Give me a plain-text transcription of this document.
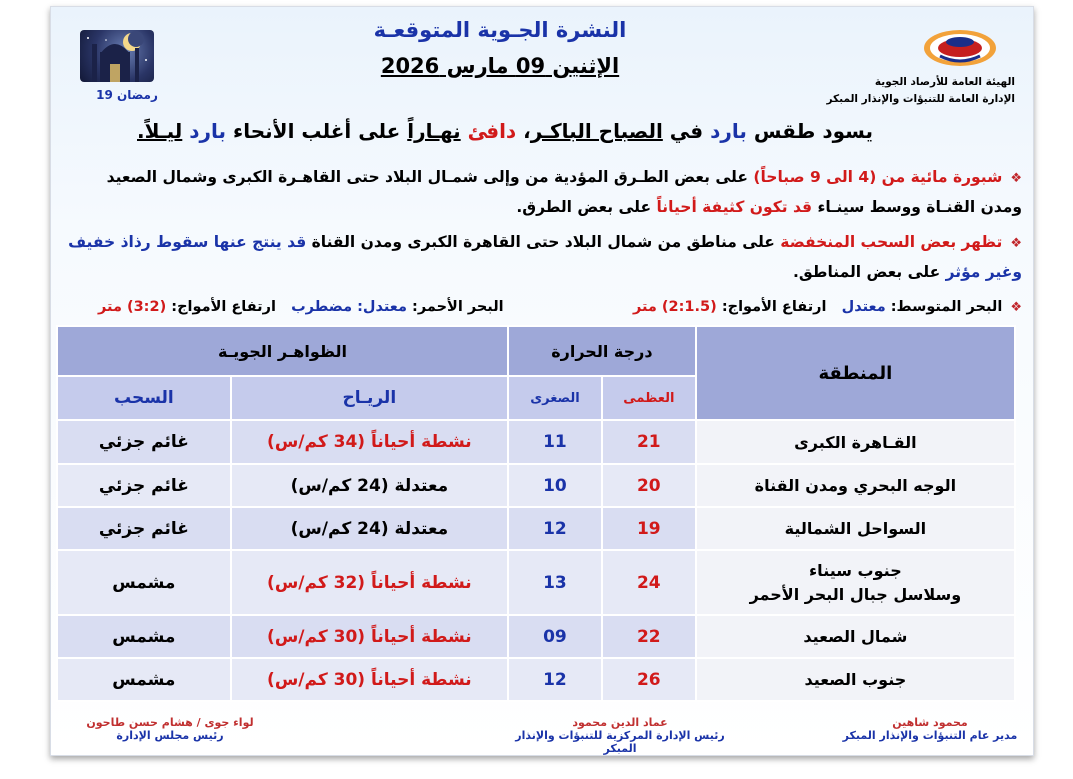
النشرة الجـوية المتوقعـة
الإثنين 09 مارس 2026
19 رمضان
الهيئة العامة للأرصاد الجوية
الإدارة العامة للتنبؤات والإنذار المبكر
يسود طقس بارد في الصباح الباكـر، دافئ نهـاراً على أغلب الأنحاء بارد ليـلاً.
❖شبورة مائية من (4 الى 9 صباحاً) على بعض الطـرق المؤدية من وإلى شمـال البلاد حتى القاهـرة الكبرى وشمال الصعيد ومدن القنـاة ووسط سينـاء قد تكون كثيفة أحياناً على بعض الطرق.
❖تظهر بعض السحب المنخفضة على مناطق من شمال البلاد حتى القاهرة الكبرى ومدن القناة قد ينتج عنها سقوط رذاذ خفيف وغير مؤثر على بعض المناطق.
❖البحر المتوسط: معتدل   ارتفاع الأمواج: (2:1.5) متر
البحر الأحمر: معتدل: مضطرب   ارتفاع الأمواج: (3:2) متر
المنطقة	درجة الحرارة		الظواهـر الجويـة	
	العظمى	الصغرى	الريـاح	السحب
القـاهرة الكبرى	21	11	نشطة أحياناً (34 كم/س)	غائم جزئي
الوجه البحري ومدن القناة	20	10	معتدلة (24 كم/س)	غائم جزئي
السواحل الشمالية	19	12	معتدلة (24 كم/س)	غائم جزئي

جنوب سيناء
وسلاسل جبال البحر الأحمر	24	13	نشطة أحياناً (32 كم/س)	مشمس
شمال الصعيد	22	09	نشطة أحياناً (30 كم/س)	مشمس
جنوب الصعيد	26	12	نشطة أحياناً (30 كم/س)	مشمس
محمود شاهين
مدير عام التنبؤات والإنذار المبكر
عماد الدين محمود
رئيس الإدارة المركزية للتنبؤات والإنذار المبكر
لواء جوى / هشام حسن طاحون
رئيس مجلس الإدارة
